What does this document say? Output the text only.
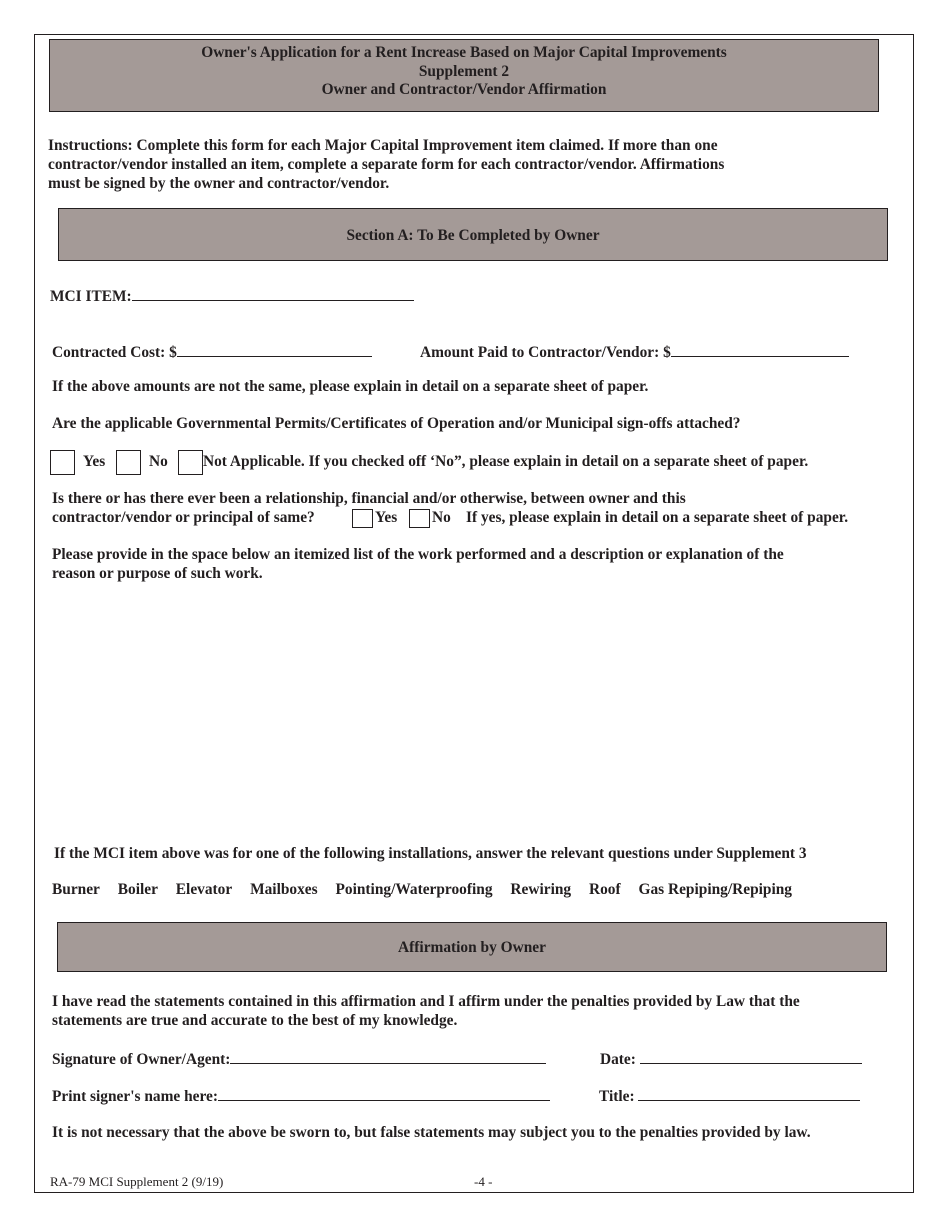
Owner's Application for a Rent Increase Based on Major Capital Improvements
Supplement 2
Owner and Contractor/Vendor Affirmation
Instructions: Complete this form for each Major Capital Improvement item claimed. If more than one
contractor/vendor installed an item, complete a separate form for each contractor/vendor. Affirmations
must be signed by the owner and contractor/vendor.
Section A: To Be Completed by Owner
MCI ITEM:
Contracted Cost: $	Amount Paid to Contractor/Vendor: $
If the above amounts are not the same, please explain in detail on a separate sheet of paper.
Are the applicable Governmental Permits/Certificates of Operation and/or Municipal sign-offs attached?
Yes	No Not Applicable. If you checked off ‘No”, please explain in detail on a separate sheet of paper.
Is there or has there ever been a relationship, financial and/or otherwise, between owner and this
contractor/vendor or principal of same?	Yes No If yes, please explain in detail on a separate sheet of paper.
Please provide in the space below an itemized list of the work performed and a description or explanation of the
reason or purpose of such work.
If the MCI item above was for one of the following installations, answer the relevant questions under Supplement 3
Burner Boiler Elevator Mailboxes Pointing/Waterproofing Rewiring Roof Gas Repiping/Repiping
Affirmation by Owner
I have read the statements contained in this affirmation and I affirm under the penalties provided by Law that the
statements are true and accurate to the best of my knowledge.
Signature of Owner/Agent:	Date:
Print signer's name here:	Title:
It is not necessary that the above be sworn to, but false statements may subject you to the penalties provided by law.
RA-79 MCI Supplement 2 (9/19)	-4 -
